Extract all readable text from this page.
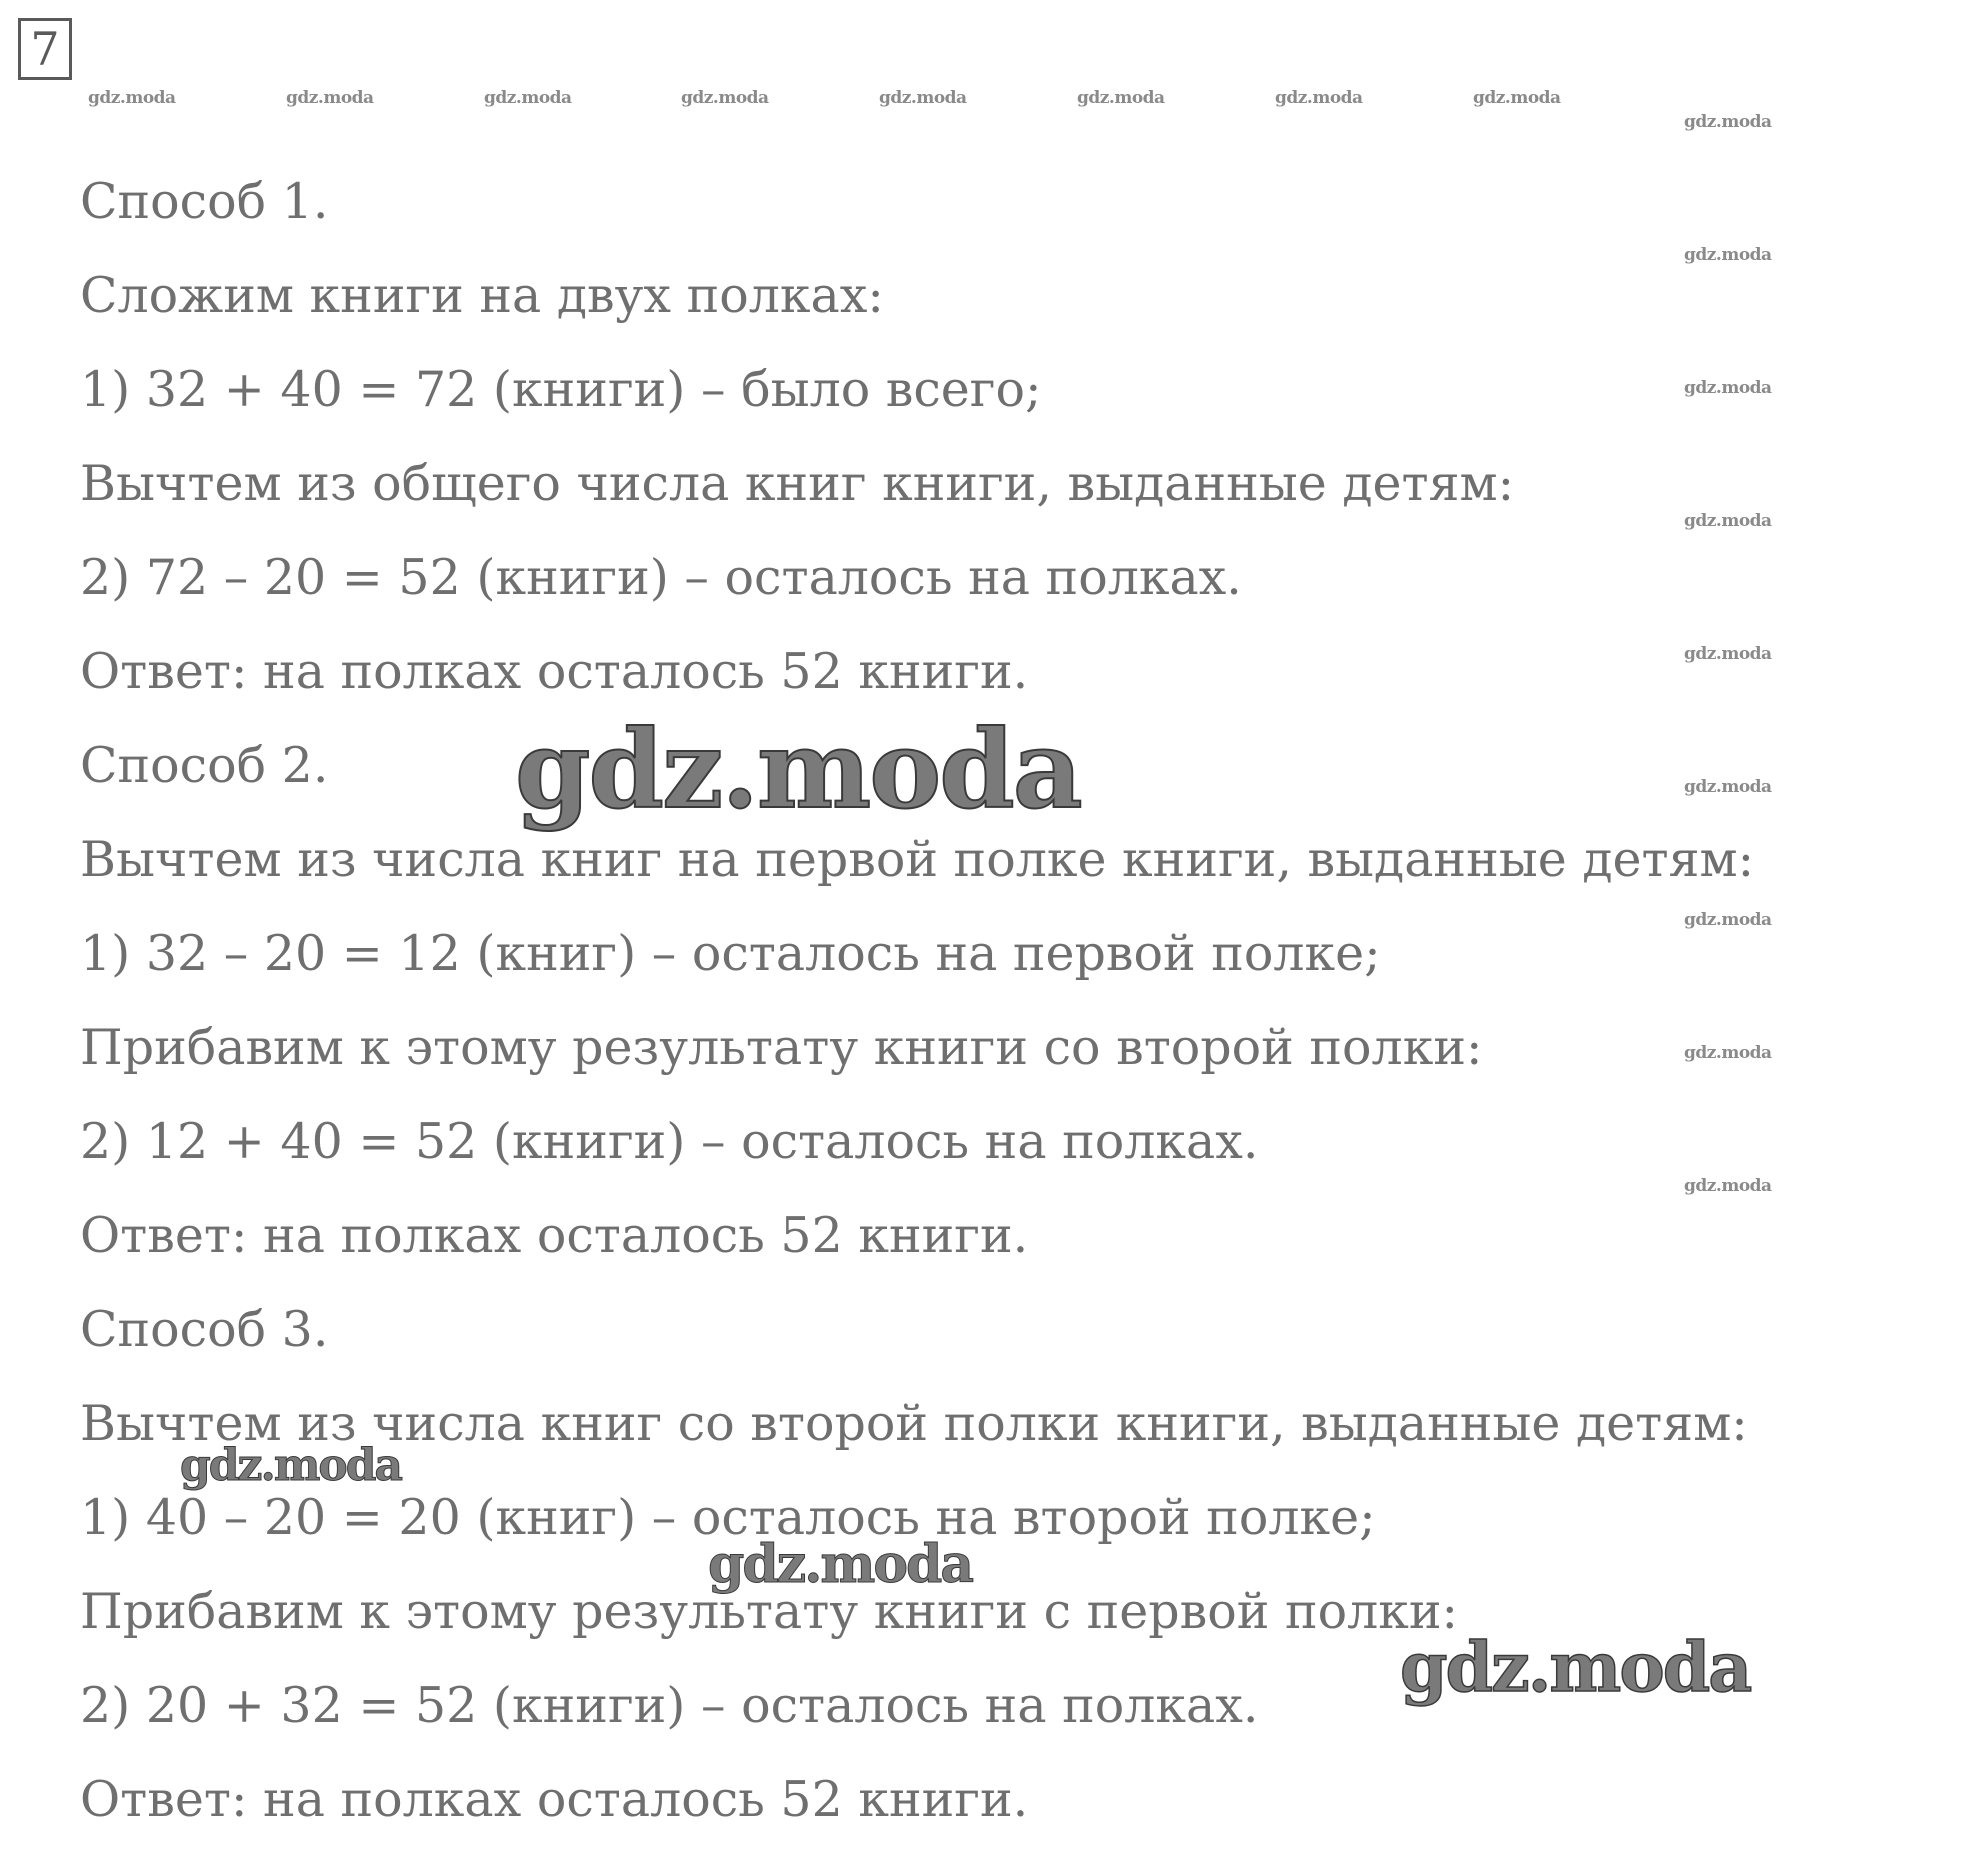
7
gdz.moda	gdz.moda	gdz.moda	gdz.moda	gdz.moda	gdz.moda	gdz.moda	gdz.moda
gdz.moda
gdz.moda
gdz.moda
gdz.moda
gdz.moda
gdz.moda
gdz.moda
gdz.moda
gdz.moda
Способ 1.
Сложим книги на двух полках:
1) 32 + 40 = 72 (книги) – было всего;
Вычтем из общего числа книг книги, выданные детям:
2) 72 – 20 = 52 (книги) – осталось на полках.
Ответ: на полках осталось 52 книги.
Способ 2.
Вычтем из числа книг на первой полке книги, выданные детям:
1) 32 – 20 = 12 (книг) – осталось на первой полке;
Прибавим к этому результату книги со второй полки:
2) 12 + 40 = 52 (книги) – осталось на полках.
Ответ: на полках осталось 52 книги.
Способ 3.
Вычтем из числа книг со второй полки книги, выданные детям:
1) 40 – 20 = 20 (книг) – осталось на второй полке;
Прибавим к этому результату книги с первой полки:
2) 20 + 32 = 52 (книги) – осталось на полках.
Ответ: на полках осталось 52 книги.
gdz.moda
gdz.moda
gdz.moda
gdz.moda
